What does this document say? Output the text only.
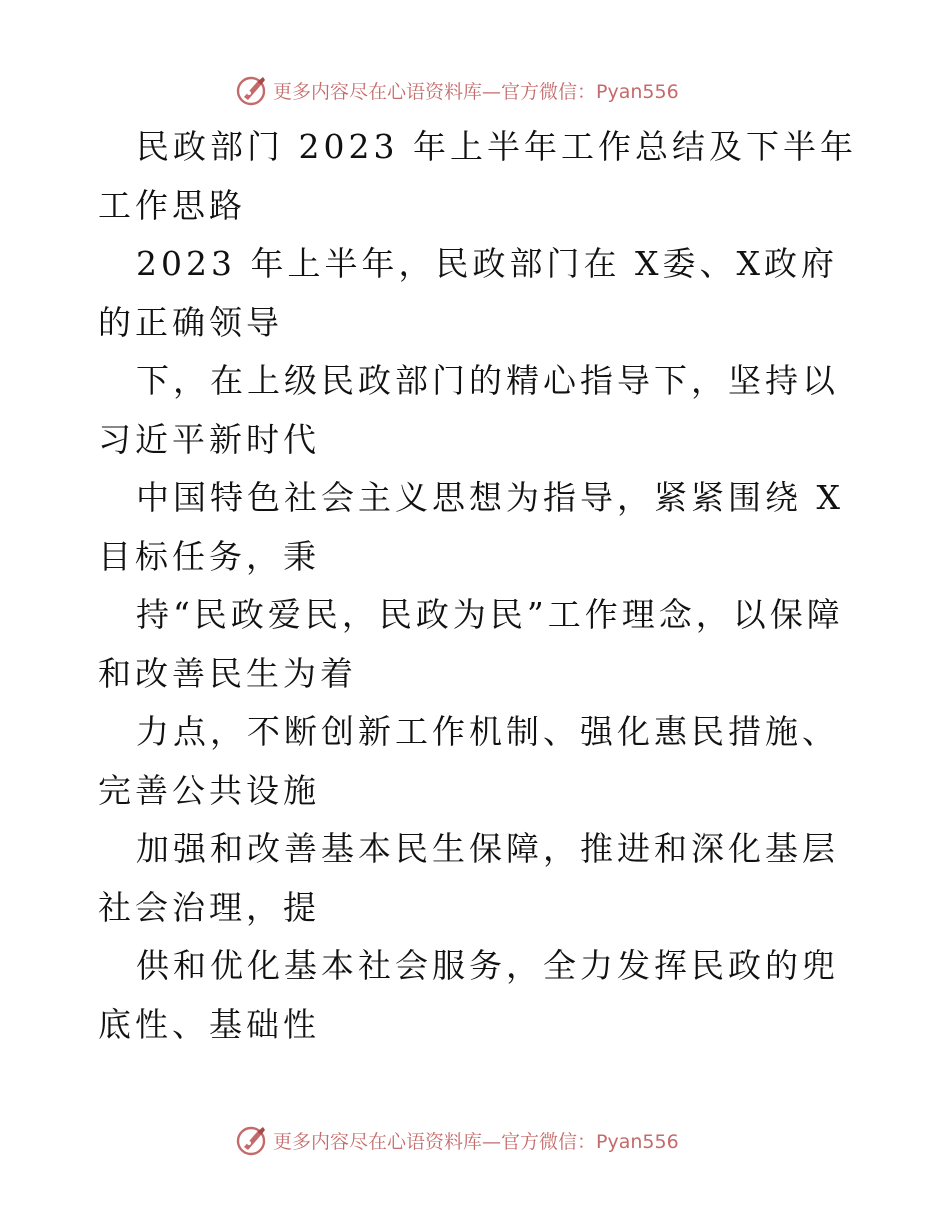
更多内容尽在心语资料库—官方微信：Pyan556

民政部门 2023 年上半年工作总结及下半年工作思路

2023 年上半年，民政部门在 X委、X政府的正确领导

下，在上级民政部门的精心指导下，坚持以习近平新时代

中国特色社会主义思想为指导，紧紧围绕 X目标任务，秉

持“民政爱民，民政为民”工作理念，以保障和改善民生为着

力点，不断创新工作机制、强化惠民措施、完善公共设施

加强和改善基本民生保障，推进和深化基层社会治理，提

供和优化基本社会服务，全力发挥民政的兜底性、基础性

更多内容尽在心语资料库—官方微信：Pyan556
